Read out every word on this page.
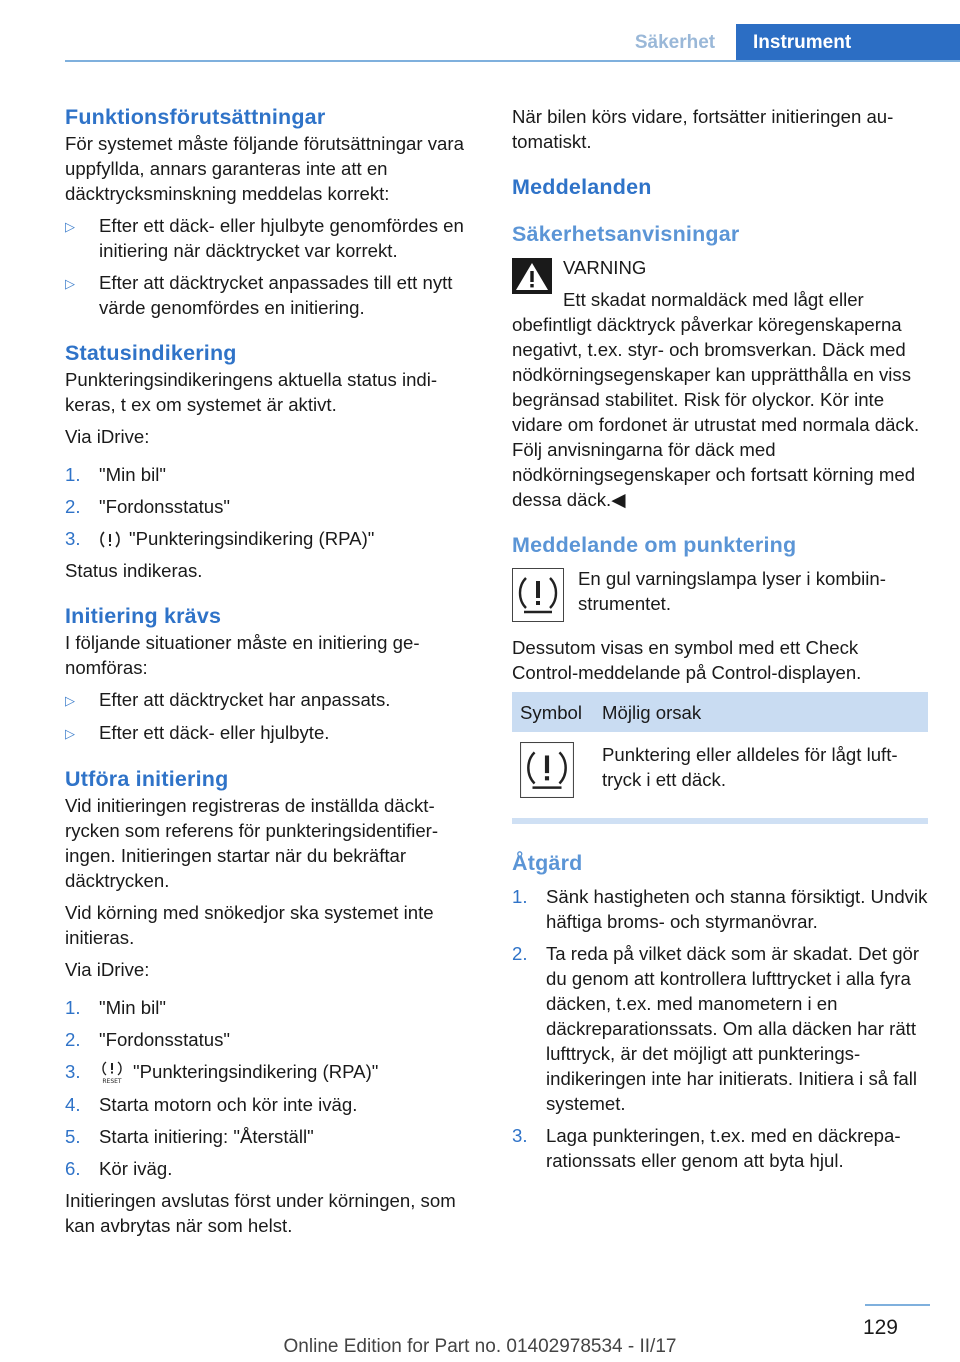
Säkerhet	Instrument
Funktionsförutsättningar

För systemet måste följande förutsättningar vara uppfyllda, annars garanteras inte att en däcktrycksminskning meddelas korrekt:

▷	Efter ett däck- eller hjulbyte genomfördes en initiering när däcktrycket var korrekt.
▷	Efter att däcktrycket anpassades till ett nytt värde genomfördes en initiering.
Statusindikering

Punkteringsindikeringens aktuella status indikeras, t ex om systemet är aktivt.

Via iDrive:

1. "Min bil"
2. "Fordonsstatus"
3.	"Punkteringsindikering (RPA)"

Status indikeras.

Initiering krävs

I följande situationer måste en initiering genomföras:

▷	Efter att däcktrycket har anpassats.
▷	Efter ett däck- eller hjulbyte.
Utföra initiering

Vid initieringen registreras de inställda däcktrycken som referens för punkteringsidentifieringen. Initieringen startar när du bekräftar däcktrycken.

Vid körning med snökedjor ska systemet inte initieras.

Via iDrive:

1. "Min bil"
2. "Fordonsstatus"
3.	RESET "Punkteringsindikering (RPA)"
4. Starta motorn och kör inte iväg.
5. Starta initiering: "Återställ"
6. Kör iväg.

Initieringen avslutas först under körningen, som kan avbrytas när som helst.

När bilen körs vidare, fortsätter initieringen automatiskt.

Meddelanden
Säkerhetsanvisningar

VARNING

Ett skadat normaldäck med lågt eller obefintligt däcktryck påverkar köregenskaperna negativt, t.ex. styr- och bromsverkan. Däck med nödkörningsegenskaper kan upprätthålla en viss begränsad stabilitet. Risk för olyckor. Kör inte vidare om fordonet är utrustat med normala däck. Följ anvisningarna för däck med nödkörningsegenskaper och fortsatt körning med dessa däck.◀

Meddelande om punktering

En gul varningslampa lyser i kombiinstrumentet.

Dessutom visas en symbol med ett Check Control-meddelande på Control-displayen.

Symbol	Möjlig orsak
	Punktering eller alldeles för lågt lufttryck i ett däck.
Åtgärd
1. Sänk hastigheten och stanna försiktigt. Undvik häftiga broms- och styrmanövrar.
2. Ta reda på vilket däck som är skadat. Det gör du genom att kontrollera lufttrycket i alla fyra däcken, t.ex. med manometern i en däckreparationssats. Om alla däcken har rätt lufttryck, är det möjligt att punkteringsindikeringen inte har initierats. Initiera i så fall systemet.
3. Laga punkteringen, t.ex. med en däckreparationssats eller genom att byta hjul.
129
Online Edition for Part no. 01402978534 - II/17
